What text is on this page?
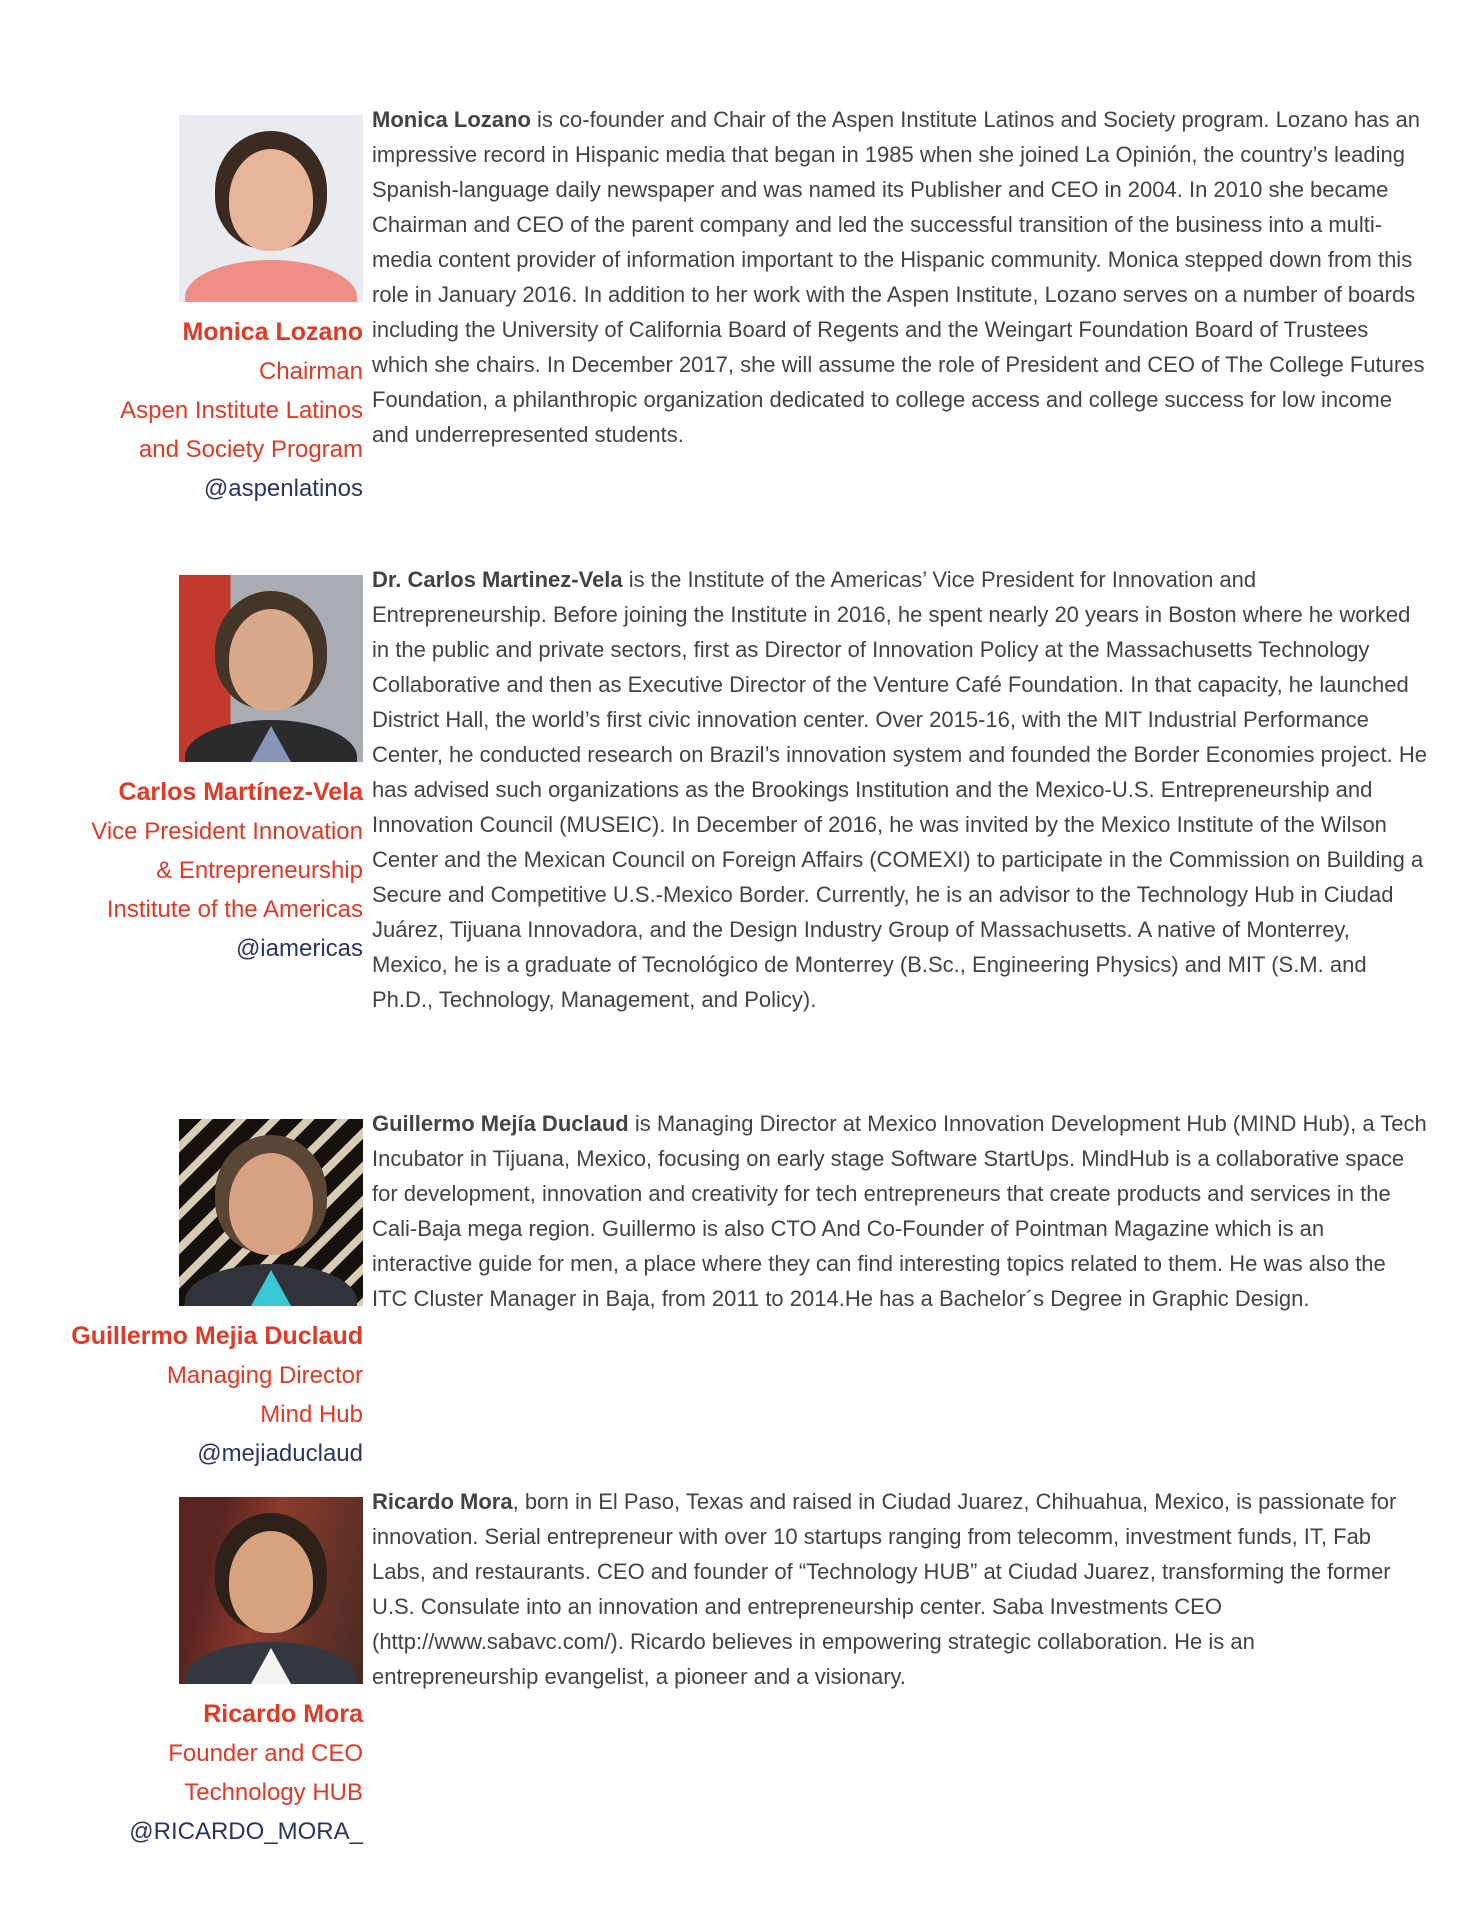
Monica Lozano
Chairman
Aspen Institute Latinos
and Society Program
@aspenlatinos

Monica Lozano is co-founder and Chair of the Aspen Institute Latinos and Society program. Lozano has an impressive record in Hispanic media that began in 1985 when she joined La Opinión, the country’s leading Spanish-language daily newspaper and was named its Publisher and CEO in 2004. In 2010 she became Chairman and CEO of the parent company and led the successful transition of the business into a multi-media content provider of information important to the Hispanic community. Monica stepped down from this role in January 2016. In addition to her work with the Aspen Institute, Lozano serves on a number of boards including the University of California Board of Regents and the Weingart Foundation Board of Trustees which she chairs. In December 2017, she will assume the role of President and CEO of The College Futures Foundation, a philanthropic organization dedicated to college access and college success for low income and underrepresented students.

Carlos Martínez-Vela
Vice President Innovation
& Entrepreneurship
Institute of the Americas
@iamericas

Dr. Carlos Martinez-Vela is the Institute of the Americas’ Vice President for Innovation and Entrepreneurship. Before joining the Institute in 2016, he spent nearly 20 years in Boston where he worked in the public and private sectors, first as Director of Innovation Policy at the Massachusetts Technology Collaborative and then as Executive Director of the Venture Café Foundation. In that capacity, he launched District Hall, the world’s first civic innovation center. Over 2015-16, with the MIT Industrial Performance Center, he conducted research on Brazil’s innovation system and founded the Border Economies project. He has advised such organizations as the Brookings Institution and the Mexico-U.S. Entrepreneurship and Innovation Council (MUSEIC). In December of 2016, he was invited by the Mexico Institute of the Wilson Center and the Mexican Council on Foreign Affairs (COMEXI) to participate in the Commission on Building a Secure and Competitive U.S.-Mexico Border. Currently, he is an advisor to the Technology Hub in Ciudad Juárez, Tijuana Innovadora, and the Design Industry Group of Massachusetts. A native of Monterrey, Mexico, he is a graduate of Tecnológico de Monterrey (B.Sc., Engineering Physics) and MIT (S.M. and Ph.D., Technology, Management, and Policy).

Guillermo Mejia Duclaud
Managing Director
Mind Hub
@mejiaduclaud

Guillermo Mejía Duclaud is Managing Director at Mexico Innovation Development Hub (MIND Hub), a Tech Incubator in Tijuana, Mexico, focusing on early stage Software StartUps. MindHub is a collaborative space for development, innovation and creativity for tech entrepreneurs that create products and services in the Cali-Baja mega region. Guillermo is also CTO And Co-Founder of Pointman Magazine which is an interactive guide for men, a place where they can find interesting topics related to them. He was also the ITC Cluster Manager in Baja, from 2011 to 2014.He has a Bachelor´s Degree in Graphic Design.

Ricardo Mora
Founder and CEO
Technology HUB
@RICARDO_MORA_

Ricardo Mora, born in El Paso, Texas and raised in Ciudad Juarez, Chihuahua, Mexico, is passionate for innovation. Serial entrepreneur with over 10 startups ranging from telecomm, investment funds, IT, Fab Labs, and restaurants. CEO and founder of “Technology HUB” at Ciudad Juarez, transforming the former U.S. Consulate into an innovation and entrepreneurship center. Saba Investments CEO (http://www.sabavc.com/). Ricardo believes in empowering strategic collaboration. He is an entrepreneurship evangelist, a pioneer and a visionary.
